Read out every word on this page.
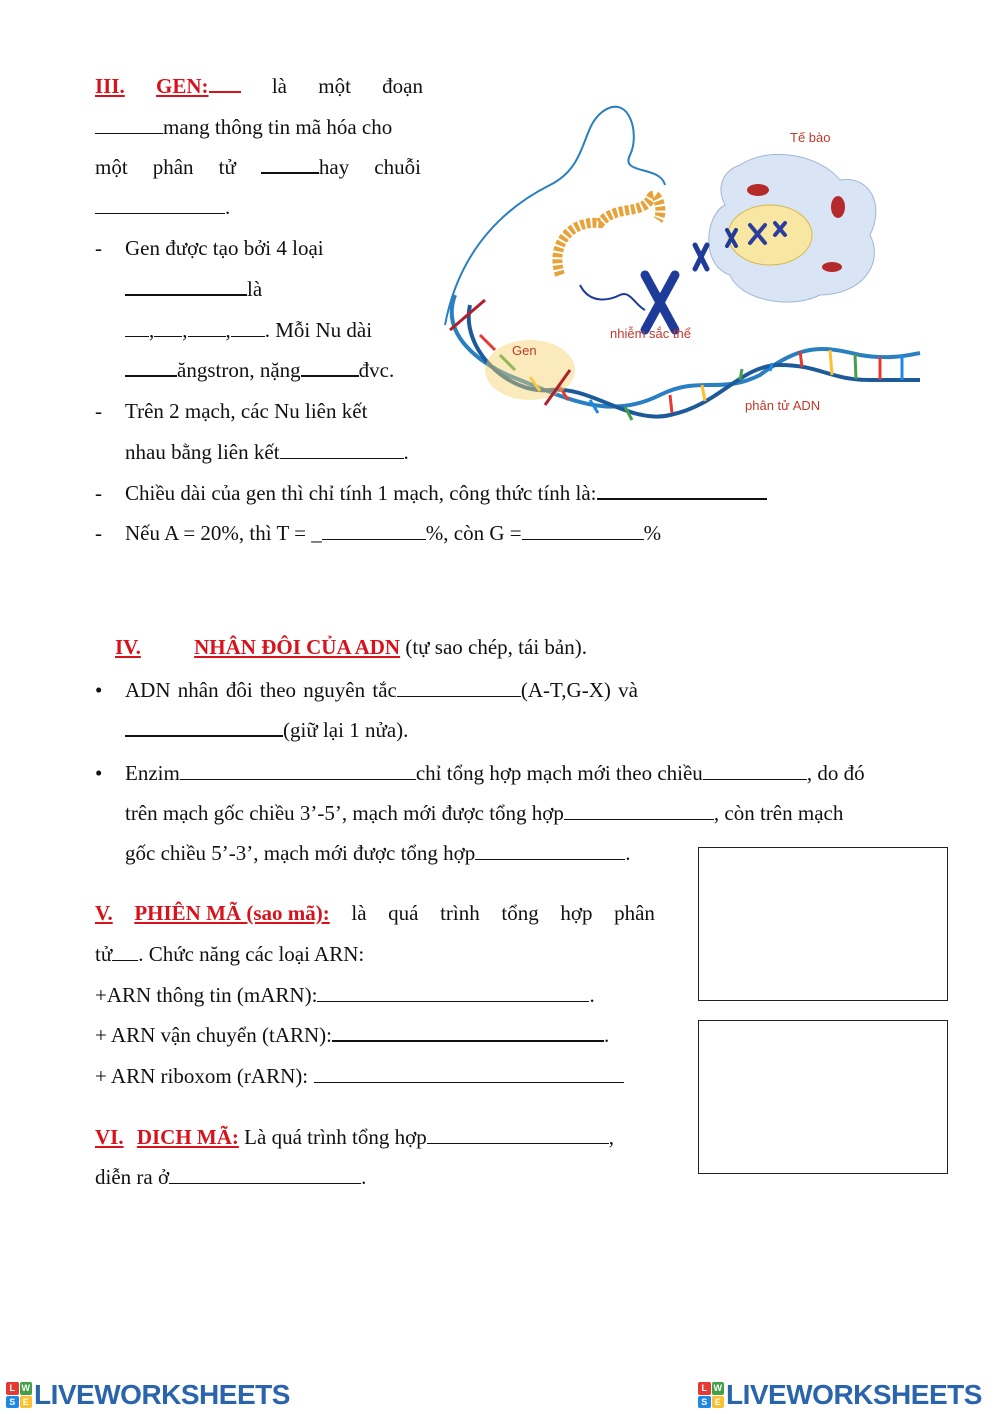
III. GEN:	là một đoạn
mang thông tin mã hóa cho
một phân tử	hay chuỗi
.
- Gen được tạo bởi 4 loại
là
, , , . Mỗi Nu dài
ăngstron, nặng	đvc.
- Trên 2 mạch, các Nu liên kết
nhau bằng liên kết	.
- Chiều dài của gen thì chỉ tính 1 mạch, công thức tính là:
- Nếu A = 20%, thì T = _	%, còn G =	%
Tế bào
nhiễm sắc thể
Gen
phân tử ADN
IV.	NHÂN ĐÔI CỦA ADN (tự sao chép, tái bản).
• ADN nhân đôi theo nguyên tắc	(A-T,G-X) và
(giữ lại 1 nửa).
• Enzim	chỉ tổng hợp mạch mới theo chiều	, do đó
trên mạch gốc chiều 3’-5’, mạch mới được tổng hợp	, còn trên mạch
gốc chiều 5’-3’, mạch mới được tổng hợp	.
V. PHIÊN MÃ (sao mã): là quá trình tổng hợp phân
tử . Chức năng các loại ARN:
+ARN thông tin (mARN):	.
+ ARN vận chuyển (tARN):	.
+ ARN riboxom (rARN):
VI. DICH MÃ: Là quá trình tổng hợp	,
diễn ra ở	.
L W
S E LIVEWORKSHEETS	L W
S E LIVEWORKSHEETS
